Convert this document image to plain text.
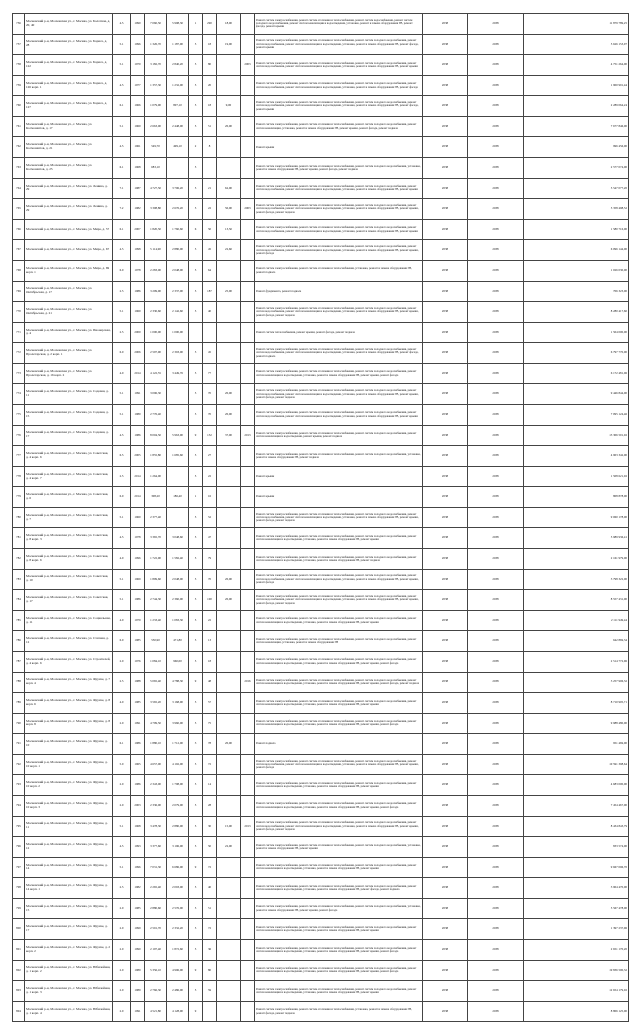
756	Московский р-н, Московская ул., г. Москва, ул. Болотная, д. 20, 40	4.5	1990	7 060,50	5 998,30	1	290	18,00		Ремонт систем электроснабжения, ремонт систем отопления и теплоснабжения, ремонт систем водоснабжения, ремонт систем холодного водоснабжения, ремонт систем канализации и водоотведения, установка, ремонт и замена оборудования ГВ, ремонт фасада, ремонт крыши	2038	2038	11 879 789,25
757	Московский р-н, Московская ул., г. Москва, ул. Бориса, д. 28	5.1	1996	1 326,70	1 187,90	5	18	19,00		Ремонт систем электроснабжения, ремонт систем отопления и теплоснабжения, ремонт систем холодного водоснабжения, ремонт систем водоснабжения, ремонт систем канализации и водоотведения, установка, ремонт и замена оборудования ГВ, ремонт фасада, ремонт крыши	2038	2038	5 626 153,97
758	Московский р-н, Московская ул., г. Москва, ул. Бориса, д. 122	5.1	1970	3 182,70	2 840,20	5	80		2003	Ремонт систем электроснабжения, ремонт систем отопления и теплоснабжения, ремонт систем холодного водоснабжения, ремонт систем водоснабжения, ремонт систем канализации и водоотведения, установка, ремонт и замена оборудования ГВ, ремонт крыши	2038	2038	4 751 264,00
759	Московский р-н, Московская ул., г. Москва, ул. Бориса, д. 126 корп. 1	4.5	1977	1 357,30	1 232,00	5	20			Ремонт систем электроснабжения, ремонт систем отопления и теплоснабжения, ремонт систем холодного водоснабжения, ремонт систем водоснабжения, ремонт систем канализации и водоотведения, установка, ремонт и замена оборудования ГВ, ремонт фасада	2038	2038	1 900 991,44
760	Московский р-н, Московская ул., г. Москва, ул. Бориса, д. 127	6.1	1966	1 079,90	807,10	5	18	9,00		Ремонт систем электроснабжения, ремонт систем отопления и теплоснабжения, ремонт систем холодного водоснабжения, ремонт систем водоснабжения, ремонт систем канализации и водоотведения, установка, ремонт и замена оборудования ГВ, ремонт фасада, ремонт крыши	2038	2038	2 289 064,24
761	Московский р-н, Московская ул., г. Москва, ул. Космонавтов, д. 17	5.1	1960	2 663,00	2 448,00	5	51	20,00		Ремонт систем электроснабжения, ремонт систем отопления и теплоснабжения, ремонт систем холодного водоснабжения, ремонт систем канализации, установка, ремонт и замена оборудования ГВ, ремонт крыши, ремонт фасада, ремонт подвала	2038	2038	7 677 846,00
762	Московский р-н, Московская ул., г. Москва, ул. Космонавтов, д. 21	4.5	1961	549,70	499,10	2	8			Ремонт крыши	2038	2038	996 456,00
763	Московский р-н, Московская ул., г. Москва, ул. Космонавтов, д. 25	6.1	1968	683,10		5				Ремонт систем электроснабжения, ремонт систем отопления и теплоснабжения, ремонт систем холодного водоснабжения, установка, ремонт и замена оборудования ГВ, ремонт крыши, ремонт фасада, ремонт подвала	2038	2038	2 577 074,00
764	Московский р-н, Московская ул., г. Москва, ул. Ленина, д. 29	7.1	1987	4 727,50	3 706,20	5	21	62,00		Ремонт систем электроснабжения, ремонт систем отопления и теплоснабжения, ремонт систем холодного водоснабжения, ремонт систем водоснабжения, ремонт систем канализации и водоотведения, установка, ремонт и замена оборудования ГВ, ремонт крыши	2038	2038	5 547 077,20
765	Московский р-н, Московская ул., г. Москва, ул. Ленина, д. 29	7.2	1982	3 308,80	2 676,20	5	22	50,00	2003	Ремонт систем электроснабжения, ремонт систем отопления и теплоснабжения, ремонт систем холодного водоснабжения, ремонт систем водоснабжения, ремонт систем канализации и водоотведения, установка, ремонт и замена оборудования ГВ, ремонт крыши, ремонт фасада, ремонт подвала	2038	2038	5 358 498,52
766	Московский р-н, Московская ул., г. Москва, ул. Мира, д. 57	6.1	2007	1 820,50	1 760,60	6	50	13,50		Ремонт систем электроснабжения, ремонт систем отопления и теплоснабжения, ремонт систем холодного водоснабжения, ремонт систем водоснабжения, ремонт систем канализации и водоотведения, установка, ремонт и замена оборудования ГВ, ремонт крыши	2038	2038	1 580 716,00
767	Московский р-н, Московская ул., г. Москва, ул. Мира, д. 67	4.5	1998	5 114,90	2 880,00	5	45	22,60		Ремонт систем электроснабжения, ремонт систем отопления и теплоснабжения, ремонт систем холодного водоснабжения, ремонт систем водоснабжения, ремонт систем канализации и водоотведения, установка, ремонт и замена оборудования ГВ, ремонт крыши, ремонт фасада	2038	2038	6 096 144,00
768	Московский р-н, Московская ул., г. Москва, ул. Мира, д. 69 корп. 1	6.0	1978	2 283,00	2 048,00	5	64			Ремонт систем электроснабжения, ремонт систем отопления и теплоснабжения, установка, ремонт и замена оборудования ГВ, ремонт подвала	2038	2038	1 026 030,00
769	Московский р-н, Московская ул., г. Москва, ул. Октябрьская, д. 17	2.5	1986	3 299,90	2 337,00	5	187	25,00		Ремонт фундамента, ремонт подвала	2038	2038	706 323,00
770	Московский р-н, Московская ул., г. Москва, ул. Октябрьская, д. 21	5.1	1960	2 330,60	2 142,60	5	40			Ремонт систем электроснабжения, ремонт систем отопления и теплоснабжения, ремонт систем холодного водоснабжения, ремонт систем водоснабжения, ремонт систем канализации и водоотведения, установка, ремонт и замена оборудования ГВ, ремонт крыши, ремонт фасада, ремонт подвала	2038	2038	8 280 417,60
771	Московский р-н, Московская ул., г. Москва, ул. Пионерская, д. 4	2.5	2000	1 000,00	1 000,00					Ремонт систем теплоснабжения, ремонт крыши, ремонт фасада, ремонт подвала	2038	2038	1 504 000,00
772	Московский р-н, Московская ул., г. Москва, ул. Пролетарская, д. 2 корп. 1	6.0	2006	2 597,90	2 393,00	5	45			Ремонт систем электроснабжения, ремонт систем отопления и теплоснабжения, ремонт систем холодного водоснабжения, ремонт систем водоснабжения, ремонт систем канализации и водоотведения, установка, ремонт и замена оборудования ГВ, ремонт фасада, ремонт подвала	2038	2038	6 797 770,00
773	Московский р-н, Московская ул., г. Москва, ул. Пролетарская, д. 16 корп. 2	4.0	2014	4 122,55	3 449,76	5	77			Ремонт систем электроснабжения, ремонт систем отопления и теплоснабжения, ремонт систем холодного водоснабжения, ремонт систем канализации и водоотведения, установка, ремонт и замена оборудования ГВ, ремонт крыши, ремонт фасада	2038	2038	6 172 481,06
774	Московский р-н, Московская ул., г. Москва, ул. Садовая, д. 11	5.1	1991	3 096,30		5	70	20,00		Ремонт систем электроснабжения, ремонт систем отопления и теплоснабжения, ремонт систем холодного водоснабжения, ремонт систем водоснабжения, ремонт систем канализации и водоотведения, установка, ремонт и замена оборудования ГВ, ремонт крыши, ремонт фасада, ремонт подвала	2038	2038	9 446 844,00
775	Московский р-н, Московская ул., г. Москва, ул. Садовая, д. 15	5.1	1980	2 776,40		5	70	20,00		Ремонт систем электроснабжения, ремонт систем отопления и теплоснабжения, ремонт систем холодного водоснабжения, ремонт систем водоснабжения, ремонт систем канализации и водоотведения, установка, ремонт и замена оборудования ГВ, ремонт крыши	2038	2038	7 095 124,46
776	Московский р-н, Московская ул., г. Москва, ул. Садовая, д. 17	4.5	1986	8 004,50	5 963,90	9	132	37,00	2013	Ремонт систем электроснабжения, ремонт систем отопления и теплоснабжения, ремонт систем холодного водоснабжения, ремонт систем канализации и водоотведения, ремонт крыши, ремонт подвала	2038	2038	13 306 501,02
777	Московский р-н, Московская ул., г. Москва, ул. Советская, д. 4 корп. 6	6.5	2005	1 855,80	1 685,60	5	27			Ремонт систем электроснабжения, ремонт систем отопления и теплоснабжения, ремонт систем холодного водоснабжения, установка, ремонт и замена оборудования ГВ, ремонт подвала	2038	2038	4 903 342,00
778	Московский р-н, Московская ул., г. Москва, ул. Советская, д. 4 корп. 7	2.5	2014	1 264,00		5	22			Ремонт крыши	2038	2038	1 508 621,02
779	Московский р-н, Московская ул., г. Москва, ул. Советская, д. 6	6.0	2014	308,20	186,40	1	16			Ремонт крыши	2038	2038	808 878,00
780	Московский р-н, Московская ул., г. Москва, ул. Советская, д. 7	5.1	1960	2 377,40		5	52			Ремонт систем электроснабжения, ремонт систем отопления и теплоснабжения, ремонт систем холодного водоснабжения, ремонт систем водоснабжения, ремонт систем канализации и водоотведения, установка, ремонт и замена оборудования ГВ, ремонт крыши, ремонт фасада, ремонт подвала	2038	2038	9 060 178,00
781	Московский р-н, Московская ул., г. Москва, ул. Советская, д. 8 корп. 3	4.5	1978	3 365,70	3 048,60	5	47			Ремонт систем электроснабжения, ремонт систем отопления и теплоснабжения, ремонт систем холодного водоснабжения, ремонт систем канализации и водоотведения, установка, ремонт и замена оборудования ГВ, ремонт крыши	2038	2038	5 989 936,41
782	Московский р-н, Московская ул., г. Москва, ул. Советская, д. 8 корп. 6	4.0	1996	1 722,90	1 582,40	5	79			Ремонт систем электроснабжения, ремонт систем отопления и теплоснабжения, ремонт систем холодного водоснабжения, ремонт систем канализации и водоотведения, установка, ремонт и замена оборудования ГВ, ремонт подвала	2038	2038	2 161 979,00
783	Московский р-н, Московская ул., г. Москва, ул. Советская, д. 10	5.1	1969	1 899,60	2 048,00	5	70	20,00		Ремонт систем электроснабжения, ремонт систем отопления и теплоснабжения, ремонт систем холодного водоснабжения, ремонт систем водоснабжения, ремонт систем канализации и водоотведения, установка, ремонт и замена оборудования ГВ, ремонт крыши, ремонт фасада	2038	2038	3 798 322,00
784	Московский р-н, Московская ул., г. Москва, ул. Советская, д. 17	5.1	1986	2 744,30	2 360,00	5	100	20,00		Ремонт систем электроснабжения, ремонт систем отопления и теплоснабжения, ремонт систем холодного водоснабжения, ремонт систем водоснабжения, ремонт систем канализации и водоотведения, установка, ремонт и замена оборудования ГВ, ремонт крыши, ремонт фасада, ремонт подвала	2038	2038	8 557 431,00
785	Московский р-н, Московская ул., г. Москва, ул. Социальная, д. 11	4.0	1979	1 233,40	1 083,30	5	22			Ремонт систем электроснабжения, ремонт систем отопления и теплоснабжения, ремонт систем холодного водоснабжения, ремонт систем канализации и водоотведения, установка, ремонт и замена оборудования ГВ, ремонт крыши	2038	2038	2 111 949,44
786	Московский р-н, Московская ул., г. Москва, ул. Степная, д. 12	6.0	1985	550,90	471,80	5	13			Ремонт систем электроснабжения, ремонт систем отопления и теплоснабжения, ремонт систем холодного водоснабжения, ремонт систем канализации, установка, ремонт и замена оборудования ГВ	2038	2038	642 869,34
787	Московский р-н, Московская ул., г. Москва, ул. Строителей, д. 4 корп. 6	2.0	1976	1 084,10	960,00	5	18			Ремонт систем электроснабжения, ремонт систем отопления и теплоснабжения, ремонт систем холодного водоснабжения, ремонт систем канализации и водоотведения, установка, ремонт и замена оборудования ГВ, ремонт крыши, ремонт фасада	2038	2038	2 514 772,96
788	Московский р-н, Московская ул., г. Москва, ул. Фрунзе, д. 7 корп. 4	2.5	1988	5 065,40	4 788,30	9	48		2016	Ремонт систем электроснабжения, ремонт систем отопления и теплоснабжения, ремонт систем холодного водоснабжения, ремонт систем канализации и водоотведения, установка, ремонт и замена оборудования ГВ, ремонт крыши, ремонт фасада, ремонт подвала	2038	2038	3 257 906,32
789	Московский р-н, Московская ул., г. Москва, ул. Фрунзе, д. 8 корп. 6	4.0	1985	3 565,20	3 168,90	5	57			Ремонт систем электроснабжения, ремонт систем отопления и теплоснабжения, ремонт систем холодного водоснабжения, ремонт систем канализации и водоотведения, установка, ремонт и замена оборудования ГВ, ремонт крыши	2038	2038	8 710 905,71
790	Московский р-н, Московская ул., г. Москва, ул. Фрунзе, д. 8 корп. 8	2.0	1991	4 799,50	3 960,00	5	75			Ремонт систем электроснабжения, ремонт систем отопления и теплоснабжения, ремонт систем холодного водоснабжения, ремонт систем канализации и водоотведения, установка, ремонт и замена оборудования ГВ, ремонт крыши, ремонт фасада	2038	2038	9 988 480,00
791	Московский р-н, Московская ул., г. Москва, ул. Фрунзе, д. 10	6.1	1986	1 880,10	1 712,00	3	78	20,00		Ремонт подвала	2038	2038	951 469,00
792	Московский р-н, Московская ул., г. Москва, ул. Фрунзе, д. 10 корп. 1	5.0	1965	4 657,00	4 192,00	5	72			Ремонт систем электроснабжения, ремонт систем отопления и теплоснабжения, ремонт систем холодного водоснабжения, ремонт систем водоснабжения, ремонт систем канализации и водоотведения, установка, ремонт и замена оборудования ГВ, ремонт крыши, ремонт фасада	2038	2038	10 591 398,64
793	Московский р-н, Московская ул., г. Москва, ул. Фрунзе, д. 10 корп. 2	2.0	1986	2 343,00	1 798,00	5	14			Ремонт систем электроснабжения, ремонт систем отопления и теплоснабжения, ремонт систем холодного водоснабжения, ремонт систем канализации и водоотведения, установка, ремонт и замена оборудования ГВ, ремонт крыши	2038	2038	4 683 000,00
794	Московский р-н, Московская ул., г. Москва, ул. Фрунзе, д. 10 корп. 3	2.0	2003	2 336,00	2 079,00	5	28			Ремонт систем электроснабжения, ремонт систем отопления и теплоснабжения, ремонт систем холодного водоснабжения, ремонт систем канализации и водоотведения, установка, ремонт и замена оборудования ГВ, ремонт крыши, ремонт фасада	2038	2038	7 454 467,00
795	Московский р-н, Московская ул., г. Москва, ул. Фрунзе, д. 11	5.1	1968	3 478,30	2 880,00	5	30	15,00	2013	Ремонт систем электроснабжения, ремонт систем отопления и теплоснабжения, ремонт систем холодного водоснабжения, ремонт систем водоснабжения, ремонт систем канализации и водоотведения, установка, ремонт и замена оборудования ГВ, ремонт крыши, ремонт фасада, ремонт подвала	2038	2038	8 434 843,79
796	Московский р-н, Московская ул., г. Москва, ул. Фрунзе, д. 12	4.5	1993	3 377,60	3 196,00	5	50	22,00		Ремонт систем электроснабжения, ремонт систем отопления и теплоснабжения, ремонт систем холодного водоснабжения, установка, ремонт и замена оборудования ГВ, ремонт крыши	2038	2038	833 574,00
797	Московский р-н, Московская ул., г. Москва, ул. Фрунзе, д. 14	5.1	1996	7 031,30	6 686,00	9	72			Ремонт систем электроснабжения, ремонт систем отопления и теплоснабжения, ремонт систем холодного водоснабжения, ремонт систем канализации и водоотведения, установка, ремонт и замена оборудования ГВ, ремонт крыши	2038	2038	9 667 096,70
798	Московский р-н, Московская ул., г. Москва, ул. Фрунзе, д. 14 корп. 1	2.5	1982	2 265,40	2 093,00	5	40			Ремонт систем электроснабжения, ремонт систем отопления и теплоснабжения, ремонт систем холодного водоснабжения, ремонт систем канализации и водоотведения, установка, ремонт и замена оборудования ГВ, ремонт фасада, ремонт подвала	2038	2038	3 904 470,00
799	Московский р-н, Московская ул., г. Москва, ул. Фрунзе, д. 15	2.0	1985	2 880,60	2 576,00	5	51			Ремонт систем электроснабжения, ремонт систем отопления и теплоснабжения, ремонт систем холодного водоснабжения, установка, ремонт и замена оборудования ГВ, ремонт крыши, ремонт фасада	2038	2038	5 567 478,00
800	Московский р-н, Московская ул., г. Москва, ул. Фрунзе, д. 17	2.0	1999	2 591,70	2 332,20	5	72			Ремонт систем электроснабжения, ремонт систем отопления и теплоснабжения, ремонт систем холодного водоснабжения, ремонт систем канализации и водоотведения, установка, ремонт и замена оборудования ГВ, ремонт крыши	2038	2038	1 397 237,96
801	Московский р-н, Московская ул., г. Москва, ул. Фрунзе, д. 2 корп. 2	2.0	1990	2 197,40	1 872,60	5	36			Ремонт систем электроснабжения, ремонт систем отопления и теплоснабжения, ремонт систем холодного водоснабжения, ремонт систем канализации и водоотведения, установка, ремонт и замена оборудования ГВ, ремонт крыши, ремонт фасада	2038	2038	2 651 170,20
802	Московский р-н, Московская ул., г. Москва, ул. Юбилейная, д. 1 корп. 2	2.0	1989	5 356,10	4 996,00	9	80			Ремонт систем электроснабжения, ремонт систем отопления и теплоснабжения, ремонт систем холодного водоснабжения, ремонт систем канализации и водоотведения, установка, ремонт и замена оборудования ГВ, ремонт крыши, ремонт фасада	2038	2038	19 836 500,32
803	Московский р-н, Московская ул., г. Москва, ул. Юбилейная, д. 1 корп. 3	2.0	1989	2 766,30	2 486,00	5	59			Ремонт систем электроснабжения, ремонт систем отопления и теплоснабжения, ремонт систем холодного водоснабжения, ремонт систем канализации и водоотведения, установка, ремонт и замена оборудования ГВ, ремонт крыши	2038	2038	12 654 179,02
804	Московский р-н, Московская ул., г. Москва, ул. Юбилейная, д. 1 корп. 4	2.0	1991	4 521,80	4 128,90	9				Ремонт систем электроснабжения, ремонт систем отопления и теплоснабжения, установка, ремонт и замена оборудования ГВ, ремонт фасада, ремонт подвала	2038	2038	8 806 125,00
